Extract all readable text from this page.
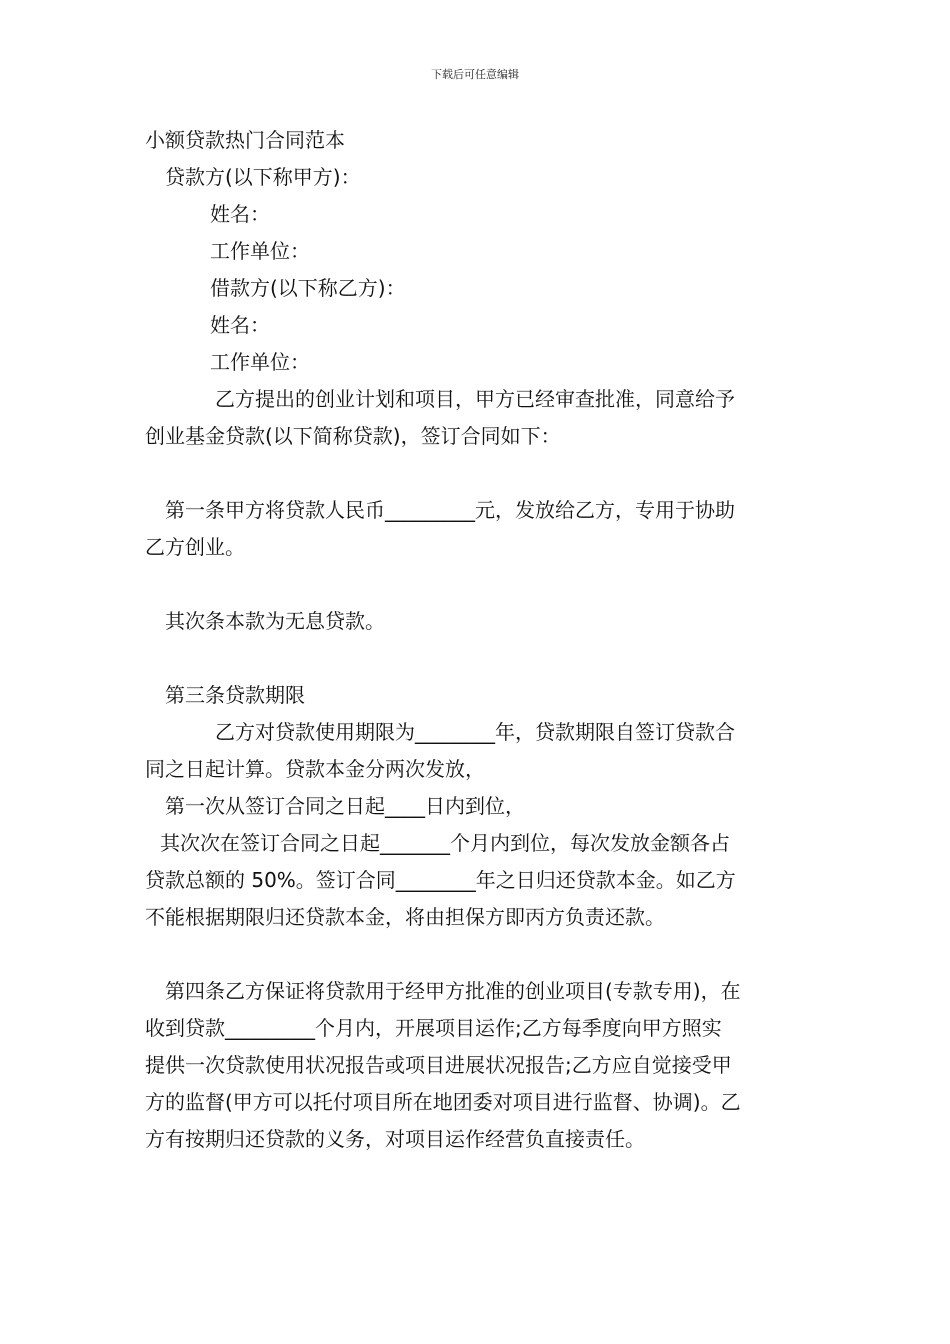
下载后可任意编辑
小额贷款热门合同范本
贷款方(以下称甲方)：
姓名：
工作单位：
借款方(以下称乙方)：
姓名：
工作单位：
乙方提出的创业计划和项目，甲方已经审查批准，同意给予
创业基金贷款(以下简称贷款)，签订合同如下：
第一条甲方将贷款人民币_________元，发放给乙方，专用于协助
乙方创业。
其次条本款为无息贷款。
第三条贷款期限
乙方对贷款使用期限为________年，贷款期限自签订贷款合
同之日起计算。贷款本金分两次发放，
第一次从签订合同之日起____日内到位，
其次次在签订合同之日起_______个月内到位，每次发放金额各占
贷款总额的 50%。签订合同________年之日归还贷款本金。如乙方
不能根据期限归还贷款本金，将由担保方即丙方负责还款。
第四条乙方保证将贷款用于经甲方批准的创业项目(专款专用)，在
收到贷款_________个月内，开展项目运作;乙方每季度向甲方照实
提供一次贷款使用状况报告或项目进展状况报告;乙方应自觉接受甲
方的监督(甲方可以托付项目所在地团委对项目进行监督、协调)。乙
方有按期归还贷款的义务，对项目运作经营负直接责任。
